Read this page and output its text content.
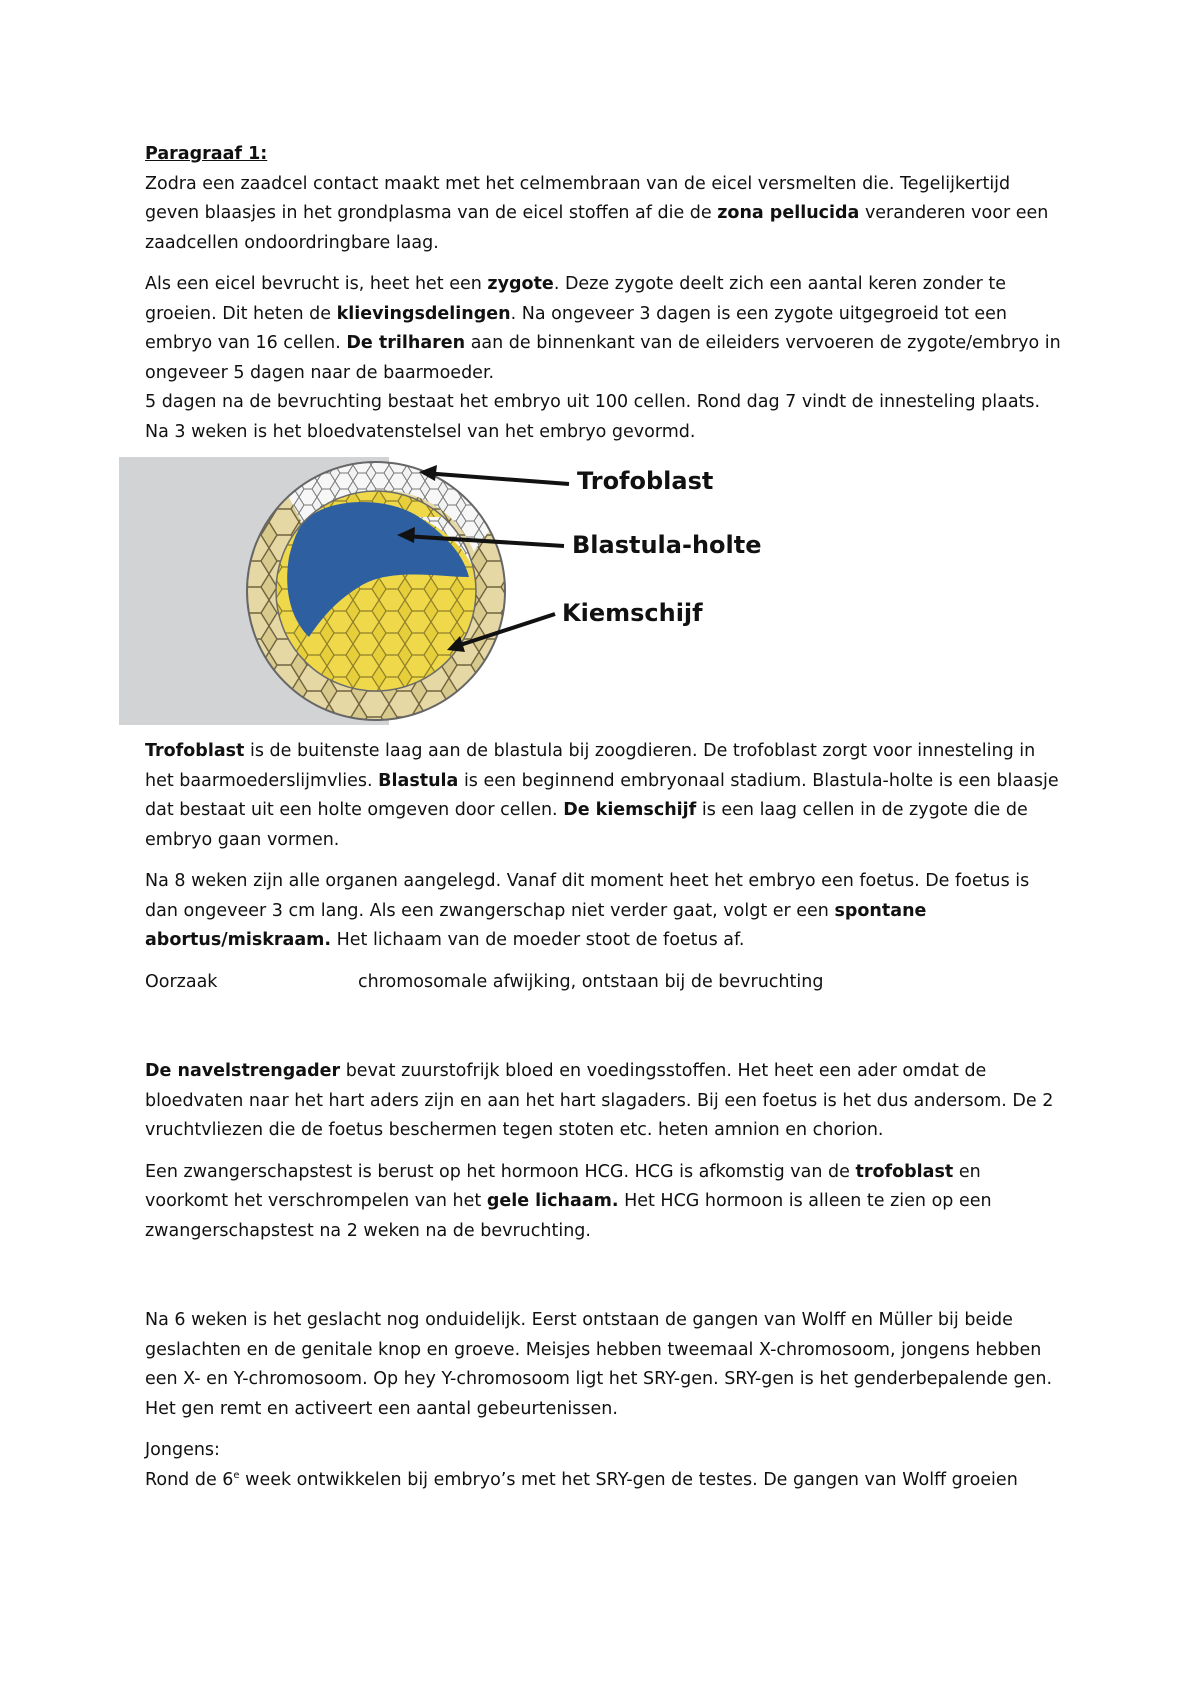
Paragraaf 1:

Zodra een zaadcel contact maakt met het celmembraan van de eicel versmelten die. Tegelijkertijd geven blaasjes in het grondplasma van de eicel stoffen af die de zona pellucida veranderen voor een zaadcellen ondoordringbare laag.

Als een eicel bevrucht is, heet het een zygote. Deze zygote deelt zich een aantal keren zonder te groeien. Dit heten de klievingsdelingen. Na ongeveer 3 dagen is een zygote uitgegroeid tot een embryo van 16 cellen. De trilharen aan de binnenkant van de eileiders vervoeren de zygote/embryo in ongeveer 5 dagen naar de baarmoeder.

5 dagen na de bevruchting bestaat het embryo uit 100 cellen. Rond dag 7 vindt de innesteling plaats.

Na 3 weken is het bloedvatenstelsel van het embryo gevormd.

Trofoblast
Blastula-holte
Kiemschijf

Trofoblast is de buitenste laag aan de blastula bij zoogdieren. De trofoblast zorgt voor innesteling in het baarmoederslijmvlies. Blastula is een beginnend embryonaal stadium. Blastula-holte is een blaasje dat bestaat uit een holte omgeven door cellen. De kiemschijf is een laag cellen in de zygote die de embryo gaan vormen.

Na 8 weken zijn alle organen aangelegd. Vanaf dit moment heet het embryo een foetus. De foetus is dan ongeveer 3 cm lang. Als een zwangerschap niet verder gaat, volgt er een spontane abortus/miskraam. Het lichaam van de moeder stoot de foetus af.

Oorzaak	chromosomale afwijking, ontstaan bij de bevruchting

De navelstrengader bevat zuurstofrijk bloed en voedingsstoffen. Het heet een ader omdat de bloedvaten naar het hart aders zijn en aan het hart slagaders. Bij een foetus is het dus andersom. De 2 vruchtvliezen die de foetus beschermen tegen stoten etc. heten amnion en chorion.

Een zwangerschapstest is berust op het hormoon HCG. HCG is afkomstig van de trofoblast en voorkomt het verschrompelen van het gele lichaam. Het HCG hormoon is alleen te zien op een zwangerschapstest na 2 weken na de bevruchting.

Na 6 weken is het geslacht nog onduidelijk. Eerst ontstaan de gangen van Wolff en Müller bij beide geslachten en de genitale knop en groeve. Meisjes hebben tweemaal X-chromosoom, jongens hebben een X- en Y-chromosoom. Op hey Y-chromosoom ligt het SRY-gen. SRY-gen is het genderbepalende gen. Het gen remt en activeert een aantal gebeurtenissen.

Jongens:

Rond de 6e week ontwikkelen bij embryo’s met het SRY-gen de testes. De gangen van Wolff groeien
